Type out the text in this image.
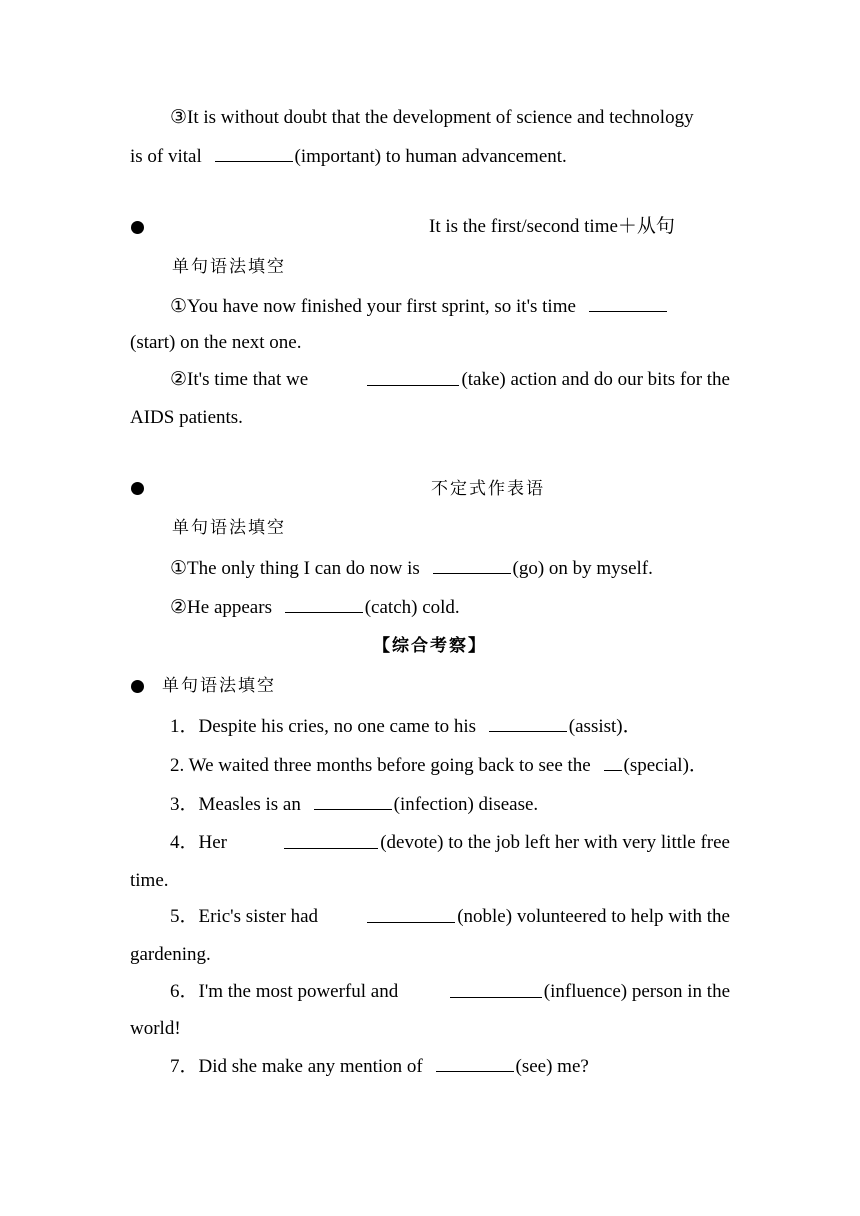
③It is without doubt that the development of science and technology
is of vital	(important) to human advancement.
It is the first/second time＋从句
单句语法填空
①You have now finished your first sprint, so it's time
(start) on the next one.
②It's time that we	(take) action and do our bits for the
AIDS patients.
不定式作表语
单句语法填空
①The only thing I can do now is	(go) on by myself.
②He appears	(catch) cold.
【综合考察】
单句语法填空
1．Despite his cries, no one came to his	(assist)．
2. We waited three months before going back to see the (special)．
3．Measles is an	(infection) disease.
4．Her	(devote) to the job left her with very little free
time.
5．Eric's sister had	(noble) volunteered to help with the
gardening.
6．I'm the most powerful and	(influence) person in the
world!
7．Did she make any mention of	(see) me?
